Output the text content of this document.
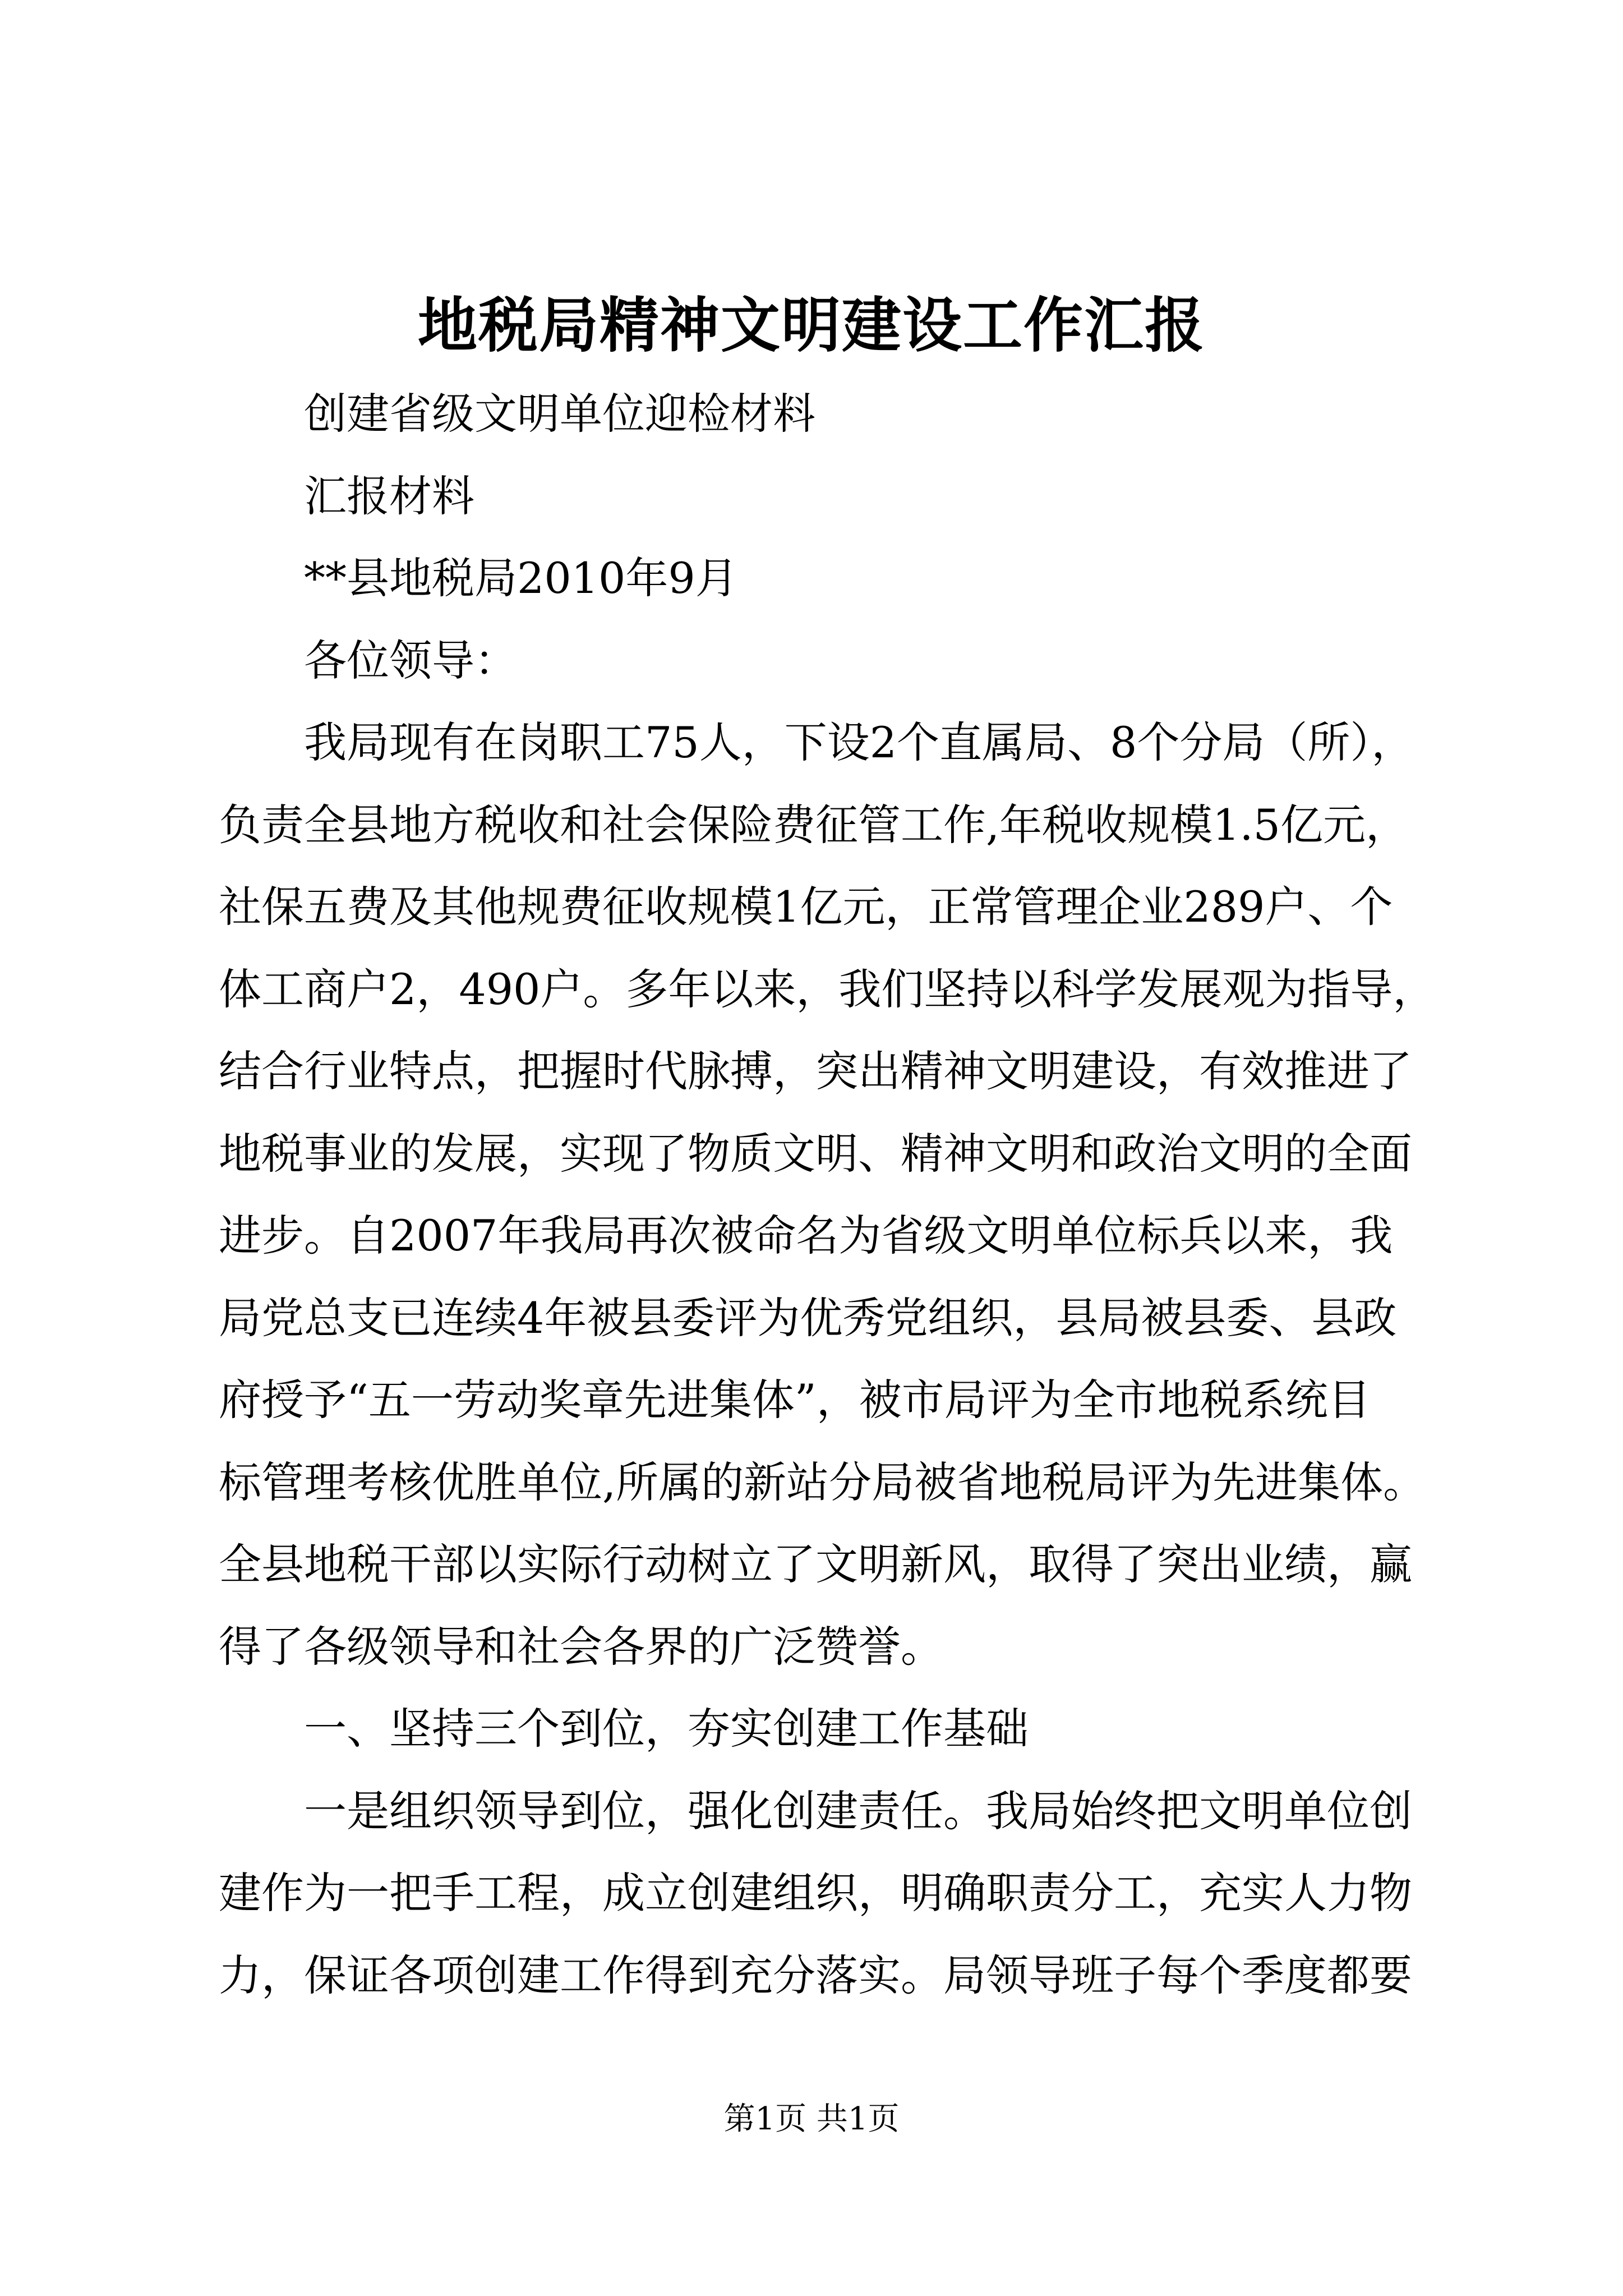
地税局精神文明建设工作汇报
创建省级文明单位迎检材料
汇报材料
**县地税局2010年9月
各位领导：
我局现有在岗职工75人，下设2个直属局、8个分局（所），
负责全县地方税收和社会保险费征管工作,年税收规模1.5亿元，
社保五费及其他规费征收规模1亿元，正常管理企业289户、个
体工商户2，490户。多年以来，我们坚持以科学发展观为指导，
结合行业特点，把握时代脉搏，突出精神文明建设，有效推进了
地税事业的发展，实现了物质文明、精神文明和政治文明的全面
进步。自2007年我局再次被命名为省级文明单位标兵以来，我
局党总支已连续4年被县委评为优秀党组织，县局被县委、县政
府授予“五一劳动奖章先进集体”，被市局评为全市地税系统目
标管理考核优胜单位,所属的新站分局被省地税局评为先进集体。
全县地税干部以实际行动树立了文明新风，取得了突出业绩，赢
得了各级领导和社会各界的广泛赞誉。
一、坚持三个到位，夯实创建工作基础
一是组织领导到位，强化创建责任。我局始终把文明单位创
建作为一把手工程，成立创建组织，明确职责分工，充实人力物
力，保证各项创建工作得到充分落实。局领导班子每个季度都要
第1页 共1页
